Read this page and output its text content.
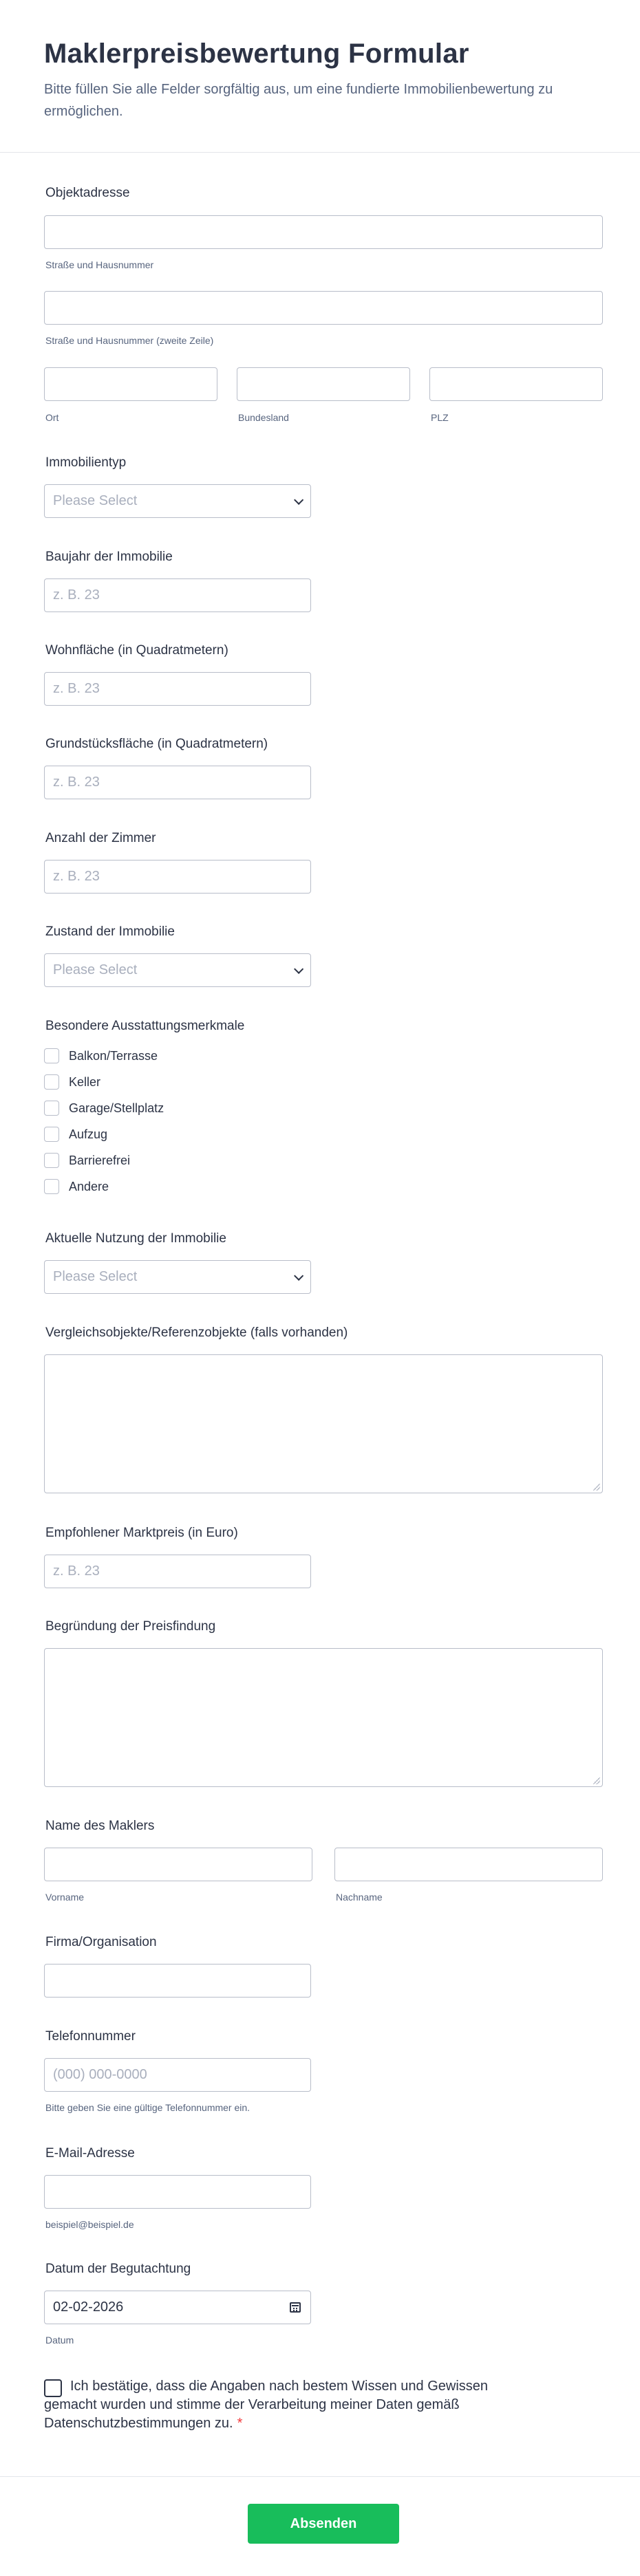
Maklerpreisbewertung Formular
Bitte füllen Sie alle Felder sorgfältig aus, um eine fundierte Immobilienbewertung zu ermöglichen.
Objektadresse
Straße und Hausnummer
Straße und Hausnummer (zweite Zeile)
Ort	Bundesland	PLZ
Immobilientyp
Please Select
Baujahr der Immobilie
z. B. 23
Wohnfläche (in Quadratmetern)
z. B. 23
Grundstücksfläche (in Quadratmetern)
z. B. 23
Anzahl der Zimmer
z. B. 23
Zustand der Immobilie
Please Select
Besondere Ausstattungsmerkmale
Balkon/Terrasse
Keller
Garage/Stellplatz
Aufzug
Barrierefrei
Andere
Aktuelle Nutzung der Immobilie
Please Select
Vergleichsobjekte/Referenzobjekte (falls vorhanden)
Empfohlener Marktpreis (in Euro)
z. B. 23
Begründung der Preisfindung
Name des Maklers
Vorname	Nachname
Firma/Organisation
Telefonnummer
(000) 000-0000
Bitte geben Sie eine gültige Telefonnummer ein.
E-Mail-Adresse
beispiel@beispiel.de
Datum der Begutachtung
02-02-2026
Datum
Ich bestätige, dass die Angaben nach bestem Wissen und Gewissen gemacht wurden und stimme der Verarbeitung meiner Daten gemäß Datenschutzbestimmungen zu. *
Absenden
